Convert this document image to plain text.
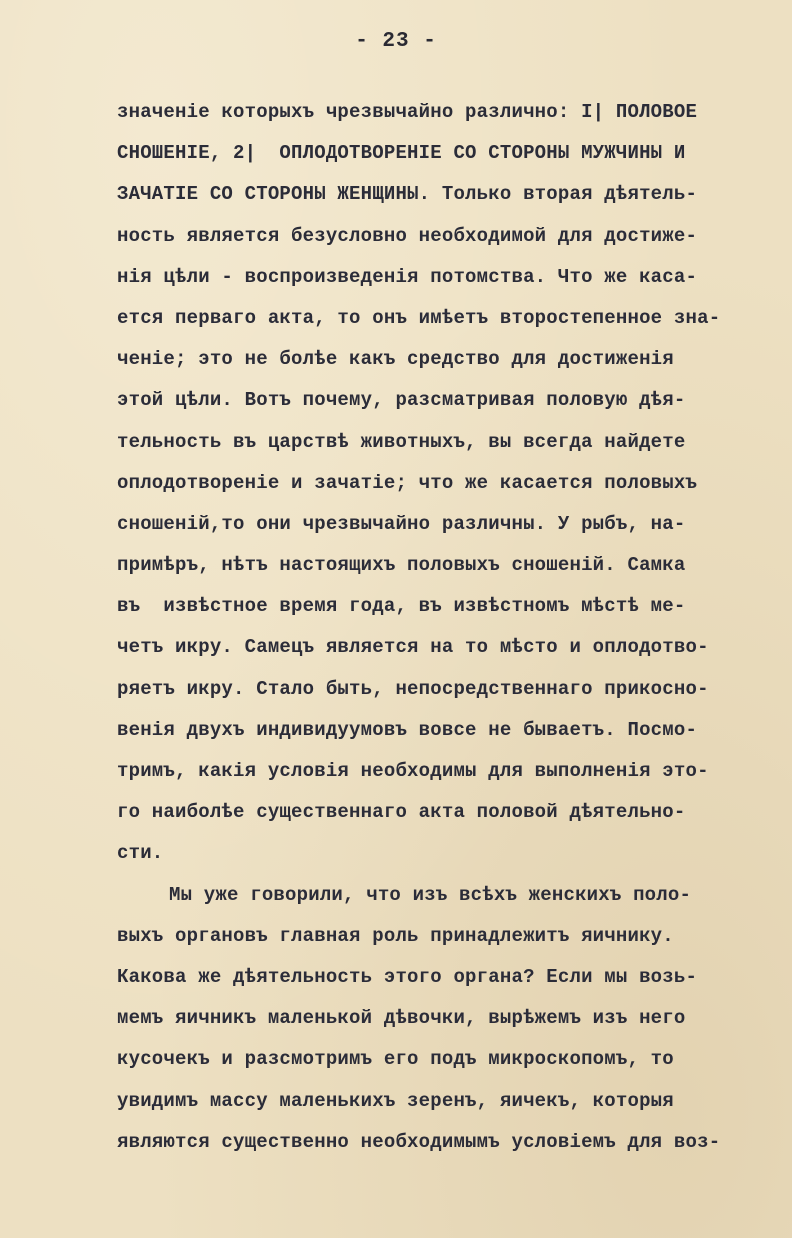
- 23 -
значеніе которыхъ чрезвычайно различно: I| ПОЛОВОЕ
СНОШЕНІЕ, 2|  ОПЛОДОТВОРЕНІЕ СО СТОРОНЫ МУЖЧИНЫ И
ЗАЧАТІЕ СО СТОРОНЫ ЖЕНЩИНЫ. Только вторая дѣятель-
ность является безусловно необходимой для достиже-
нія цѣли - воспроизведенія потомства. Что же каса-
ется перваго акта, то онъ имѣетъ второстепенное зна-
ченіе; это не болѣе какъ средство для достиженія
этой цѣли. Вотъ почему, разсматривая половую дѣя-
тельность въ царствѣ животныхъ, вы всегда найдете
оплодотвореніе и зачатіе; что же касается половыхъ
сношеній,то они чрезвычайно различны. У рыбъ, на-
примѣръ, нѣтъ настоящихъ половыхъ сношеній. Самка
въ  извѣстное время года, въ извѣстномъ мѣстѣ ме-
четъ икру. Самецъ является на то мѣсто и оплодотво-
ряетъ икру. Стало быть, непосредственнаго прикосно-
венія двухъ индивидуумовъ вовсе не бываетъ. Посмо-
тримъ, какія условія необходимы для выполненія это-
го наиболѣе существеннаго акта половой дѣятельно-
сти.
Мы уже говорили, что изъ всѣхъ женскихъ поло-
выхъ органовъ главная роль принадлежитъ яичнику.
Какова же дѣятельность этого органа? Если мы возь-
мемъ яичникъ маленькой дѣвочки, вырѣжемъ изъ него
кусочекъ и разсмотримъ его подъ микроскопомъ, то
увидимъ массу маленькихъ зеренъ, яичекъ, которыя
являются существенно необходимымъ условіемъ для воз-
